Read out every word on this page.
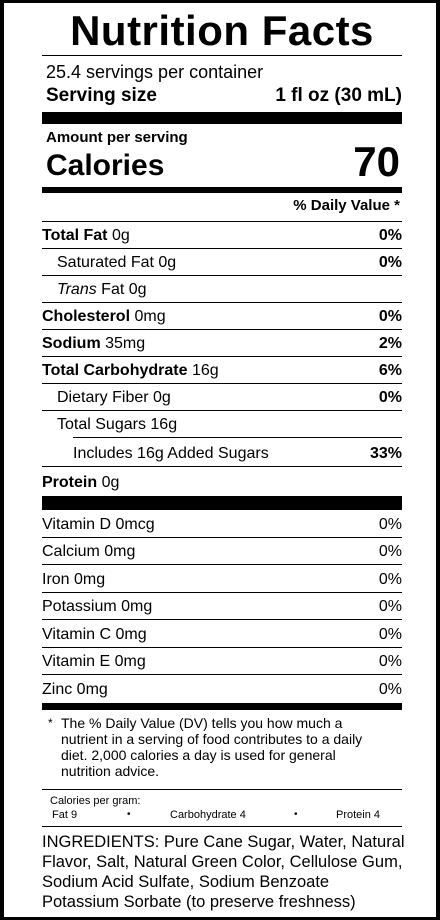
Nutrition Facts
25.4 servings per container
Serving size	1 fl oz (30 mL)
Amount per serving
Calories	70
% Daily Value *
Total Fat 0g	0%
Saturated Fat 0g	0%
Trans Fat 0g
Cholesterol 0mg	0%
Sodium 35mg	2%
Total Carbohydrate 16g	6%
Dietary Fiber 0g	0%
Total Sugars 16g
Includes 16g Added Sugars	33%
Protein 0g
Vitamin D 0mcg	0%
Calcium 0mg	0%
Iron 0mg	0%
Potassium 0mg	0%
Vitamin C 0mg	0%
Vitamin E 0mg	0%
Zinc 0mg	0%
* The % Daily Value (DV) tells you how much a
nutrient in a serving of food contributes to a daily
diet. 2,000 calories a day is used for general
nutrition advice.
Calories per gram:
Fat 9	•	Carbohydrate 4	•	Protein 4
INGREDIENTS: Pure Cane Sugar, Water, Natural
Flavor, Salt, Natural Green Color, Cellulose Gum,
Sodium Acid Sulfate, Sodium Benzoate
Potassium Sorbate (to preserve freshness)
